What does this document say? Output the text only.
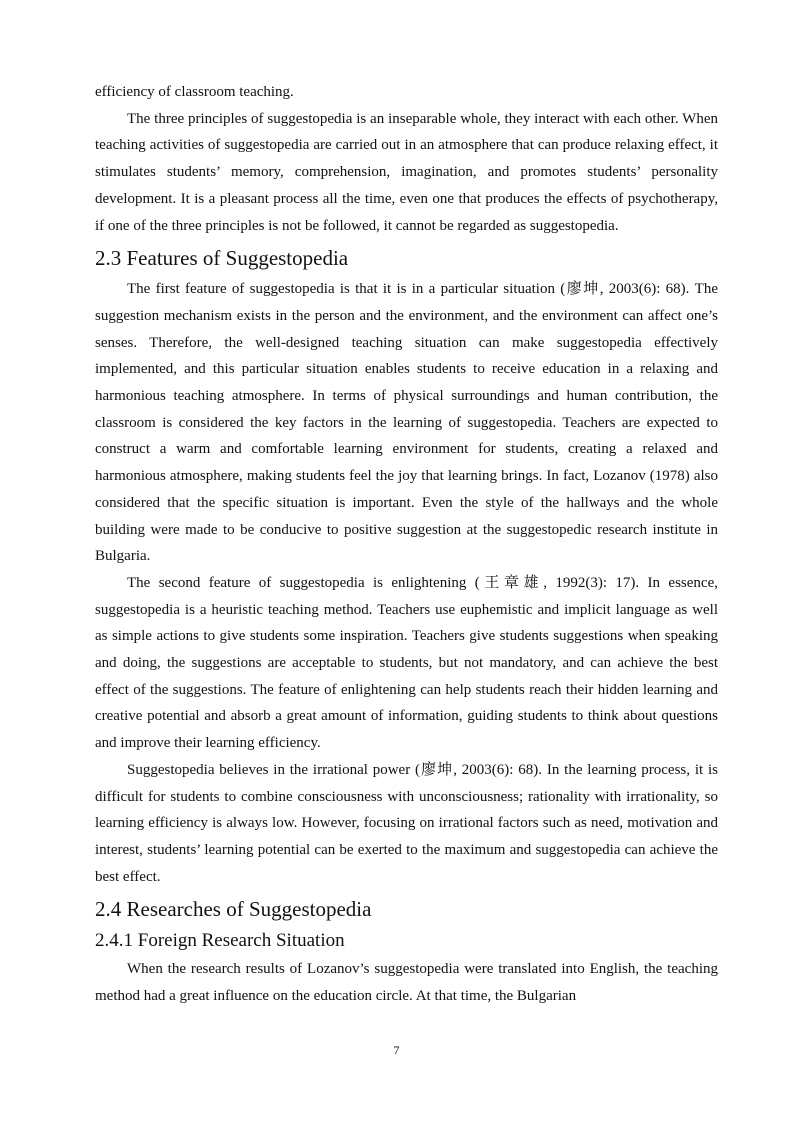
efficiency of classroom teaching.

The three principles of suggestopedia is an inseparable whole, they interact with each other. When teaching activities of suggestopedia are carried out in an atmosphere that can produce relaxing effect, it stimulates students’ memory, comprehension, imagination, and promotes students’ personality development. It is a pleasant process all the time, even one that produces the effects of psychotherapy, if one of the three principles is not be followed, it cannot be regarded as suggestopedia.

2.3 Features of Suggestopedia

The first feature of suggestopedia is that it is in a particular situation (廖坤, 2003(6): 68). The suggestion mechanism exists in the person and the environment, and the environment can affect one’s senses. Therefore, the well-designed teaching situation can make suggestopedia effectively implemented, and this particular situation enables students to receive education in a relaxing and harmonious teaching atmosphere. In terms of physical surroundings and human contribution, the classroom is considered the key factors in the learning of suggestopedia. Teachers are expected to construct a warm and comfortable learning environment for students, creating a relaxed and harmonious atmosphere, making students feel the joy that learning brings. In fact, Lozanov (1978) also considered that the specific situation is important. Even the style of the hallways and the whole building were made to be conducive to positive suggestion at the suggestopedic research institute in Bulgaria.

The second feature of suggestopedia is enlightening (王章雄, 1992(3): 17). In essence, suggestopedia is a heuristic teaching method. Teachers use euphemistic and implicit language as well as simple actions to give students some inspiration. Teachers give students suggestions when speaking and doing, the suggestions are acceptable to students, but not mandatory, and can achieve the best effect of the suggestions. The feature of enlightening can help students reach their hidden learning and creative potential and absorb a great amount of information, guiding students to think about questions and improve their learning efficiency.

Suggestopedia believes in the irrational power (廖坤, 2003(6): 68). In the learning process, it is difficult for students to combine consciousness with unconsciousness; rationality with irrationality, so learning efficiency is always low. However, focusing on irrational factors such as need, motivation and interest, students’ learning potential can be exerted to the maximum and suggestopedia can achieve the best effect.

2.4 Researches of Suggestopedia
2.4.1 Foreign Research Situation

When the research results of Lozanov’s suggestopedia were translated into English, the teaching method had a great influence on the education circle. At that time, the Bulgarian

7
